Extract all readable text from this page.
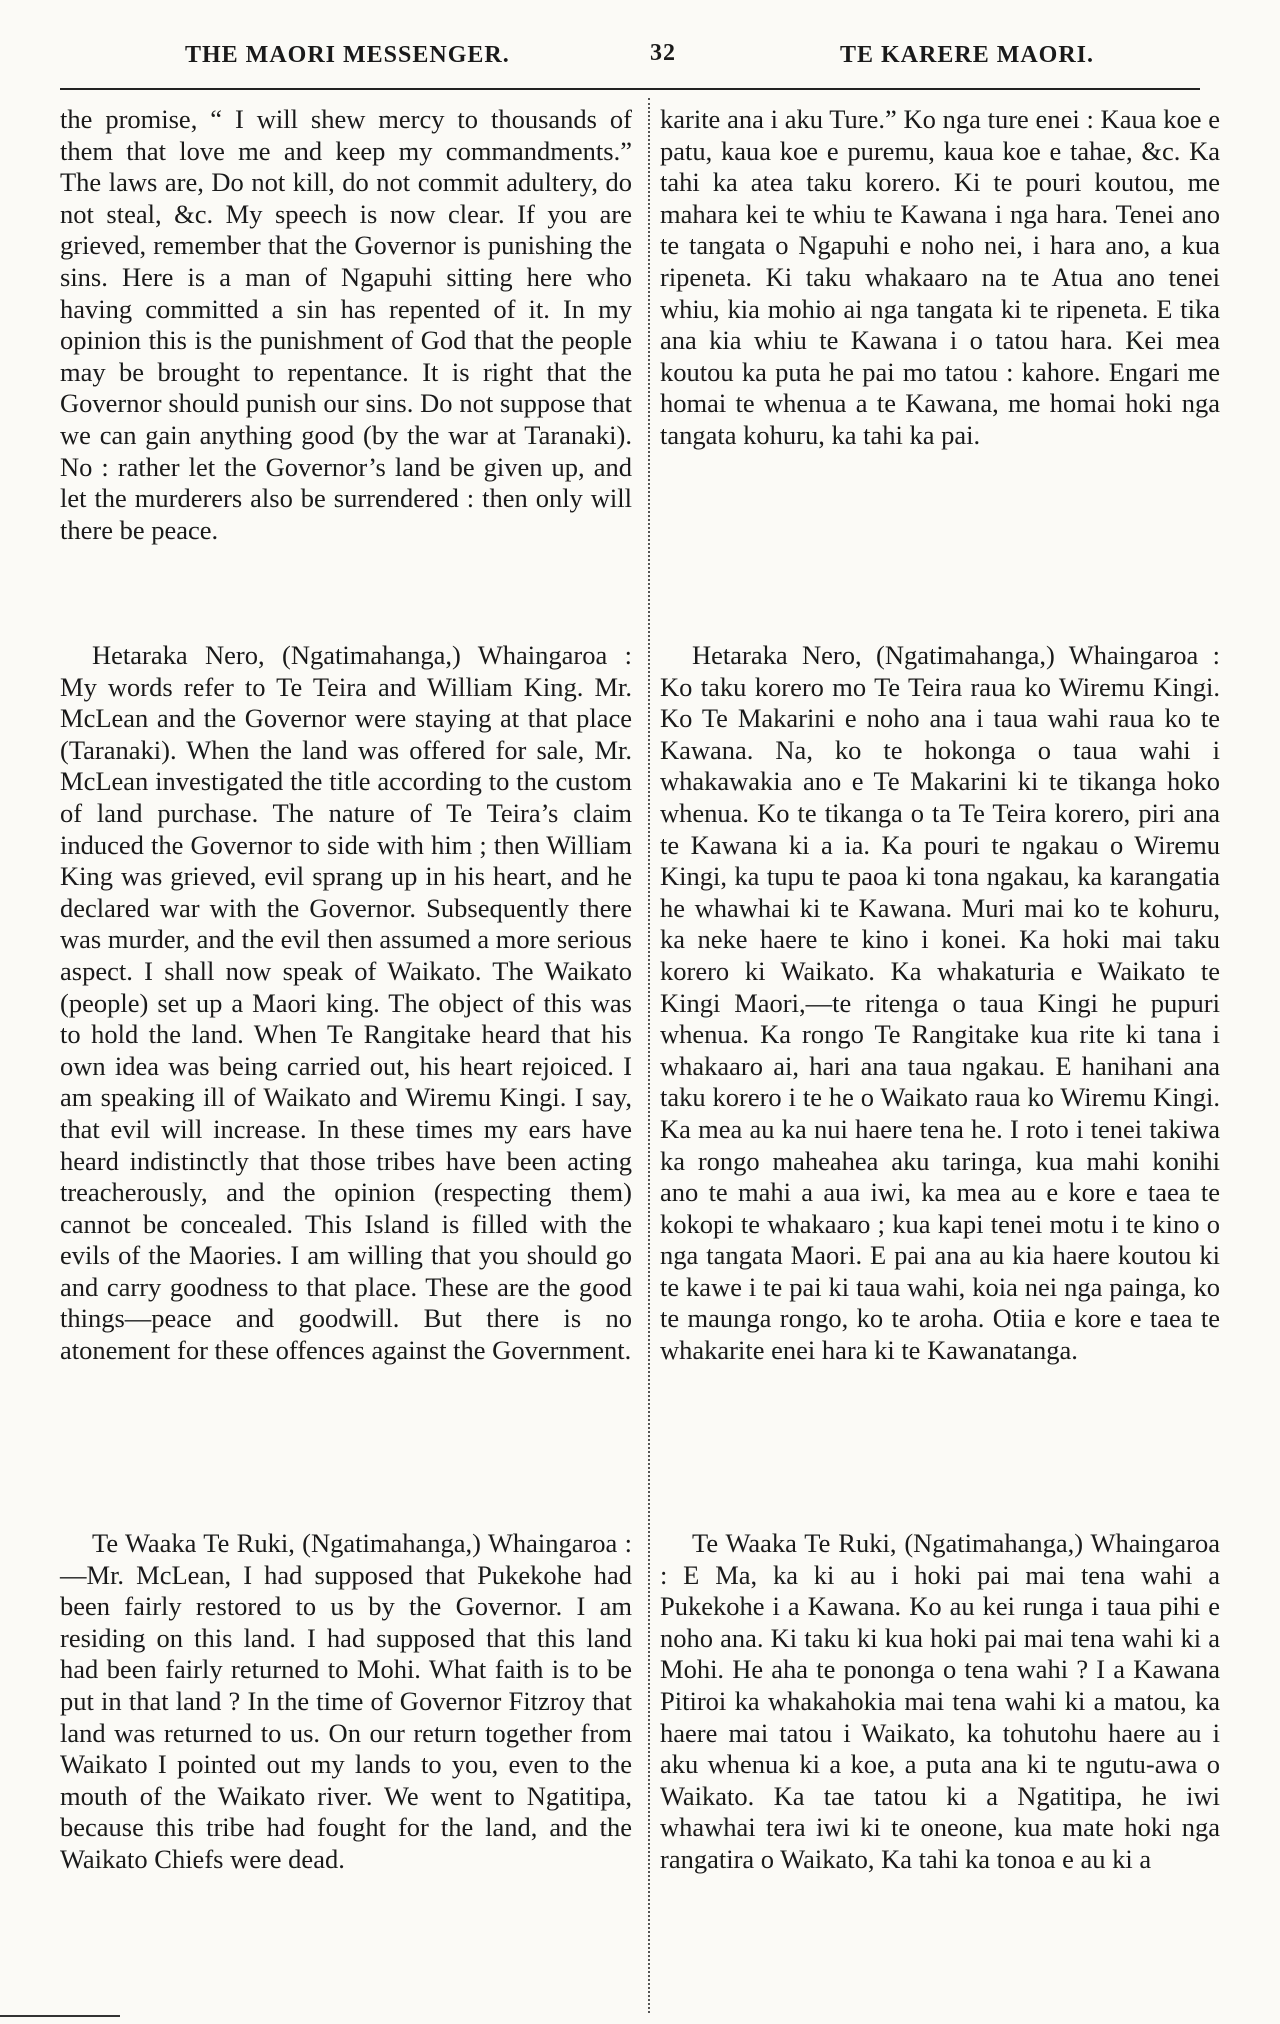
THE MAORI MESSENGER.	32	TE KARERE MAORI.

the promise, “ I will shew mercy to thousands of them that love me and keep my commandments.” The laws are, Do not kill, do not commit adultery, do not steal, &c. My speech is now clear. If you are grieved, remember that the Governor is punishing the sins. Here is a man of Ngapuhi sitting here who having committed a sin has repented of it. In my opinion this is the punishment of God that the people may be brought to repentance. It is right that the Governor should punish our sins. Do not suppose that we can gain anything good (by the war at Taranaki). No : rather let the Governor’s land be given up, and let the murderers also be surrendered : then only will there be peace.

Hetaraka Nero, (Ngatimahanga,) Whaingaroa : My words refer to Te Teira and William King. Mr. McLean and the Governor were staying at that place (Taranaki). When the land was offered for sale, Mr. McLean investigated the title according to the custom of land purchase. The nature of Te Teira’s claim induced the Governor to side with him ; then William King was grieved, evil sprang up in his heart, and he declared war with the Governor. Subsequently there was murder, and the evil then assumed a more serious aspect. I shall now speak of Waikato. The Waikato (people) set up a Maori king. The object of this was to hold the land. When Te Rangitake heard that his own idea was being carried out, his heart rejoiced. I am speaking ill of Waikato and Wiremu Kingi. I say, that evil will increase. In these times my ears have heard indistinctly that those tribes have been acting treacherously, and the opinion (respecting them) cannot be concealed. This Island is filled with the evils of the Maories. I am willing that you should go and carry goodness to that place. These are the good things—peace and goodwill. But there is no atonement for these offences against the Government.

Te Waaka Te Ruki, (Ngatimahanga,) Whaingaroa :—Mr. McLean, I had supposed that Pukekohe had been fairly restored to us by the Governor. I am residing on this land. I had supposed that this land had been fairly returned to Mohi. What faith is to be put in that land ? In the time of Governor Fitzroy that land was returned to us. On our return together from Waikato I pointed out my lands to you, even to the mouth of the Waikato river. We went to Ngatitipa, because this tribe had fought for the land, and the Waikato Chiefs were dead.

karite ana i aku Ture.” Ko nga ture enei : Kaua koe e patu, kaua koe e puremu, kaua koe e tahae, &c. Ka tahi ka atea taku korero. Ki te pouri koutou, me mahara kei te whiu te Kawana i nga hara. Tenei ano te tangata o Ngapuhi e noho nei, i hara ano, a kua ripeneta. Ki taku whakaaro na te Atua ano tenei whiu, kia mohio ai nga tangata ki te ripeneta. E tika ana kia whiu te Kawana i o tatou hara. Kei mea koutou ka puta he pai mo tatou : kahore. Engari me homai te whenua a te Kawana, me homai hoki nga tangata kohuru, ka tahi ka pai.

Hetaraka Nero, (Ngatimahanga,) Whaingaroa : Ko taku korero mo Te Teira raua ko Wiremu Kingi. Ko Te Makarini e noho ana i taua wahi raua ko te Kawana. Na, ko te hokonga o taua wahi i whakawakia ano e Te Makarini ki te tikanga hoko whenua. Ko te tikanga o ta Te Teira korero, piri ana te Kawana ki a ia. Ka pouri te ngakau o Wiremu Kingi, ka tupu te paoa ki tona ngakau, ka karangatia he whawhai ki te Kawana. Muri mai ko te kohuru, ka neke haere te kino i konei. Ka hoki mai taku korero ki Waikato. Ka whakaturia e Waikato te Kingi Maori,—te ritenga o taua Kingi he pupuri whenua. Ka rongo Te Rangitake kua rite ki tana i whakaaro ai, hari ana taua ngakau. E hanihani ana taku korero i te he o Waikato raua ko Wiremu Kingi. Ka mea au ka nui haere tena he. I roto i tenei takiwa ka rongo maheahea aku taringa, kua mahi konihi ano te mahi a aua iwi, ka mea au e kore e taea te kokopi te whakaaro ; kua kapi tenei motu i te kino o nga tangata Maori. E pai ana au kia haere koutou ki te kawe i te pai ki taua wahi, koia nei nga painga, ko te maunga rongo, ko te aroha. Otiia e kore e taea te whakarite enei hara ki te Kawanatanga.

Te Waaka Te Ruki, (Ngatimahanga,) Whaingaroa : E Ma, ka ki au i hoki pai mai tena wahi a Pukekohe i a Kawana. Ko au kei runga i taua pihi e noho ana. Ki taku ki kua hoki pai mai tena wahi ki a Mohi. He aha te pononga o tena wahi ? I a Kawana Pitiroi ka whakahokia mai tena wahi ki a matou, ka haere mai tatou i Waikato, ka tohutohu haere au i aku whenua ki a koe, a puta ana ki te ngutu-awa o Waikato. Ka tae tatou ki a Ngatitipa, he iwi whawhai tera iwi ki te oneone, kua mate hoki nga rangatira o Waikato, Ka tahi ka tonoa e au ki a
